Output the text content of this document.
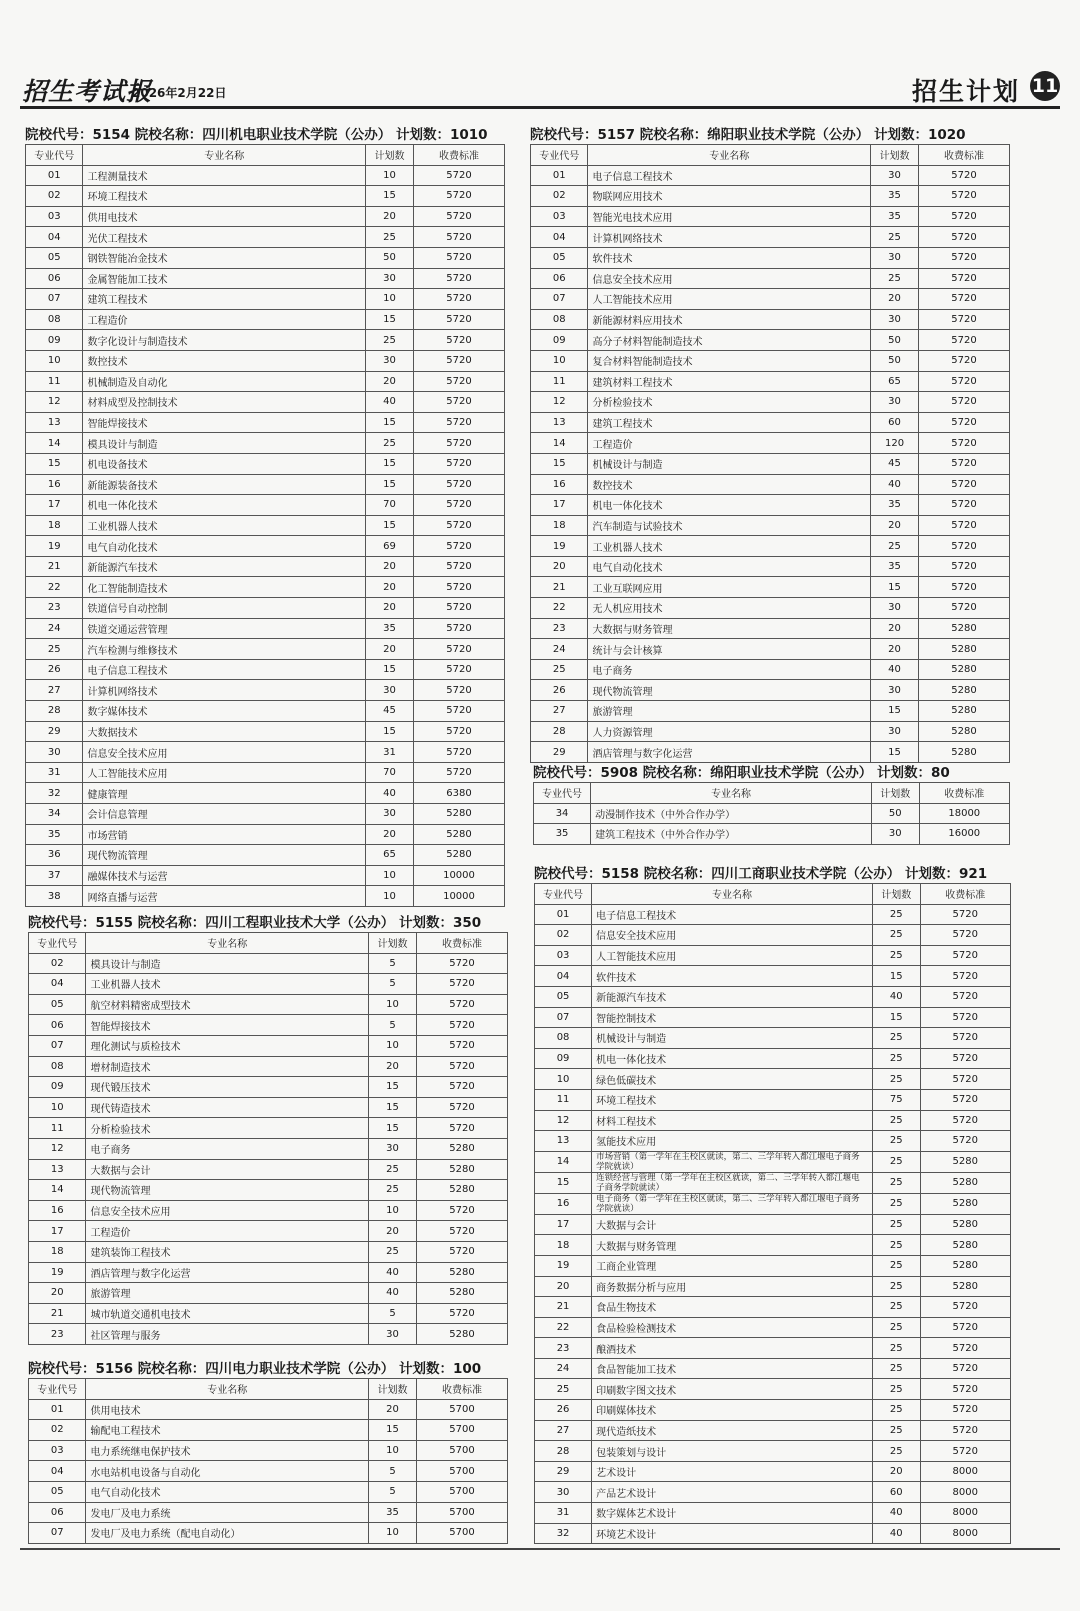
招生考试报
2026年2月22日	招生计划 11
院校代号：5154 院校名称：四川机电职业技术学院（公办） 计划数：1010
专业代号	专业名称	计划数	收费标准
01	工程测量技术	10	5720
02	环境工程技术	15	5720
03	供用电技术	20	5720
04	光伏工程技术	25	5720
05	钢铁智能冶金技术	50	5720
06	金属智能加工技术	30	5720
07	建筑工程技术	10	5720
08	工程造价	15	5720
09	数字化设计与制造技术	25	5720
10	数控技术	30	5720
11	机械制造及自动化	20	5720
12	材料成型及控制技术	40	5720
13	智能焊接技术	15	5720
14	模具设计与制造	25	5720
15	机电设备技术	15	5720
16	新能源装备技术	15	5720
17	机电一体化技术	70	5720
18	工业机器人技术	15	5720
19	电气自动化技术	69	5720
21	新能源汽车技术	20	5720
22	化工智能制造技术	20	5720
23	铁道信号自动控制	20	5720
24	铁道交通运营管理	35	5720
25	汽车检测与维修技术	20	5720
26	电子信息工程技术	15	5720
27	计算机网络技术	30	5720
28	数字媒体技术	45	5720
29	大数据技术	15	5720
30	信息安全技术应用	31	5720
31	人工智能技术应用	70	5720
32	健康管理	40	6380
34	会计信息管理	30	5280
35	市场营销	20	5280
36	现代物流管理	65	5280
37	融媒体技术与运营	10	10000
38	网络直播与运营	10	10000
院校代号：5155 院校名称：四川工程职业技术大学（公办） 计划数：350
专业代号	专业名称	计划数	收费标准
02	模具设计与制造	5	5720
04	工业机器人技术	5	5720
05	航空材料精密成型技术	10	5720
06	智能焊接技术	5	5720
07	理化测试与质检技术	10	5720
08	增材制造技术	20	5720
09	现代锻压技术	15	5720
10	现代铸造技术	15	5720
11	分析检验技术	15	5720
12	电子商务	30	5280
13	大数据与会计	25	5280
14	现代物流管理	25	5280
16	信息安全技术应用	10	5720
17	工程造价	20	5720
18	建筑装饰工程技术	25	5720
19	酒店管理与数字化运营	40	5280
20	旅游管理	40	5280
21	城市轨道交通机电技术	5	5720
23	社区管理与服务	30	5280
院校代号：5156 院校名称：四川电力职业技术学院（公办） 计划数：100
专业代号	专业名称	计划数	收费标准
01	供用电技术	20	5700
02	输配电工程技术	15	5700
03	电力系统继电保护技术	10	5700
04	水电站机电设备与自动化	5	5700
05	电气自动化技术	5	5700
06	发电厂及电力系统	35	5700
07	发电厂及电力系统（配电自动化）	10	5700
院校代号：5157 院校名称：绵阳职业技术学院（公办） 计划数：1020
专业代号	专业名称	计划数	收费标准
01	电子信息工程技术	30	5720
02	物联网应用技术	35	5720
03	智能光电技术应用	35	5720
04	计算机网络技术	25	5720
05	软件技术	30	5720
06	信息安全技术应用	25	5720
07	人工智能技术应用	20	5720
08	新能源材料应用技术	30	5720
09	高分子材料智能制造技术	50	5720
10	复合材料智能制造技术	50	5720
11	建筑材料工程技术	65	5720
12	分析检验技术	30	5720
13	建筑工程技术	60	5720
14	工程造价	120	5720
15	机械设计与制造	45	5720
16	数控技术	40	5720
17	机电一体化技术	35	5720
18	汽车制造与试验技术	20	5720
19	工业机器人技术	25	5720
20	电气自动化技术	35	5720
21	工业互联网应用	15	5720
22	无人机应用技术	30	5720
23	大数据与财务管理	20	5280
24	统计与会计核算	20	5280
25	电子商务	40	5280
26	现代物流管理	30	5280
27	旅游管理	15	5280
28	人力资源管理	30	5280
29	酒店管理与数字化运营	15	5280
院校代号：5908 院校名称：绵阳职业技术学院（公办） 计划数：80
专业代号	专业名称	计划数	收费标准
34	动漫制作技术（中外合作办学）	50	18000
35	建筑工程技术（中外合作办学）	30	16000
院校代号：5158 院校名称：四川工商职业技术学院（公办） 计划数：921
专业代号	专业名称	计划数	收费标准
01	电子信息工程技术	25	5720
02	信息安全技术应用	25	5720
03	人工智能技术应用	25	5720
04	软件技术	15	5720
05	新能源汽车技术	40	5720
07	智能控制技术	15	5720
08	机械设计与制造	25	5720
09	机电一体化技术	25	5720
10	绿色低碳技术	25	5720
11	环境工程技术	75	5720
12	材料工程技术	25	5720
13	氢能技术应用	25	5720
14	市场营销（第一学年在主校区就读，第二、三学年转入都江堰电子商务学院就读）	25	5280
15	连锁经营与管理（第一学年在主校区就读，第二、三学年转入都江堰电子商务学院就读）	25	5280
16	电子商务（第一学年在主校区就读，第二、三学年转入都江堰电子商务学院就读）	25	5280
17	大数据与会计	25	5280
18	大数据与财务管理	25	5280
19	工商企业管理	25	5280
20	商务数据分析与应用	25	5280
21	食品生物技术	25	5720
22	食品检验检测技术	25	5720
23	酿酒技术	25	5720
24	食品智能加工技术	25	5720
25	印刷数字图文技术	25	5720
26	印刷媒体技术	25	5720
27	现代造纸技术	25	5720
28	包装策划与设计	25	5720
29	艺术设计	20	8000
30	产品艺术设计	60	8000
31	数字媒体艺术设计	40	8000
32	环境艺术设计	40	8000
